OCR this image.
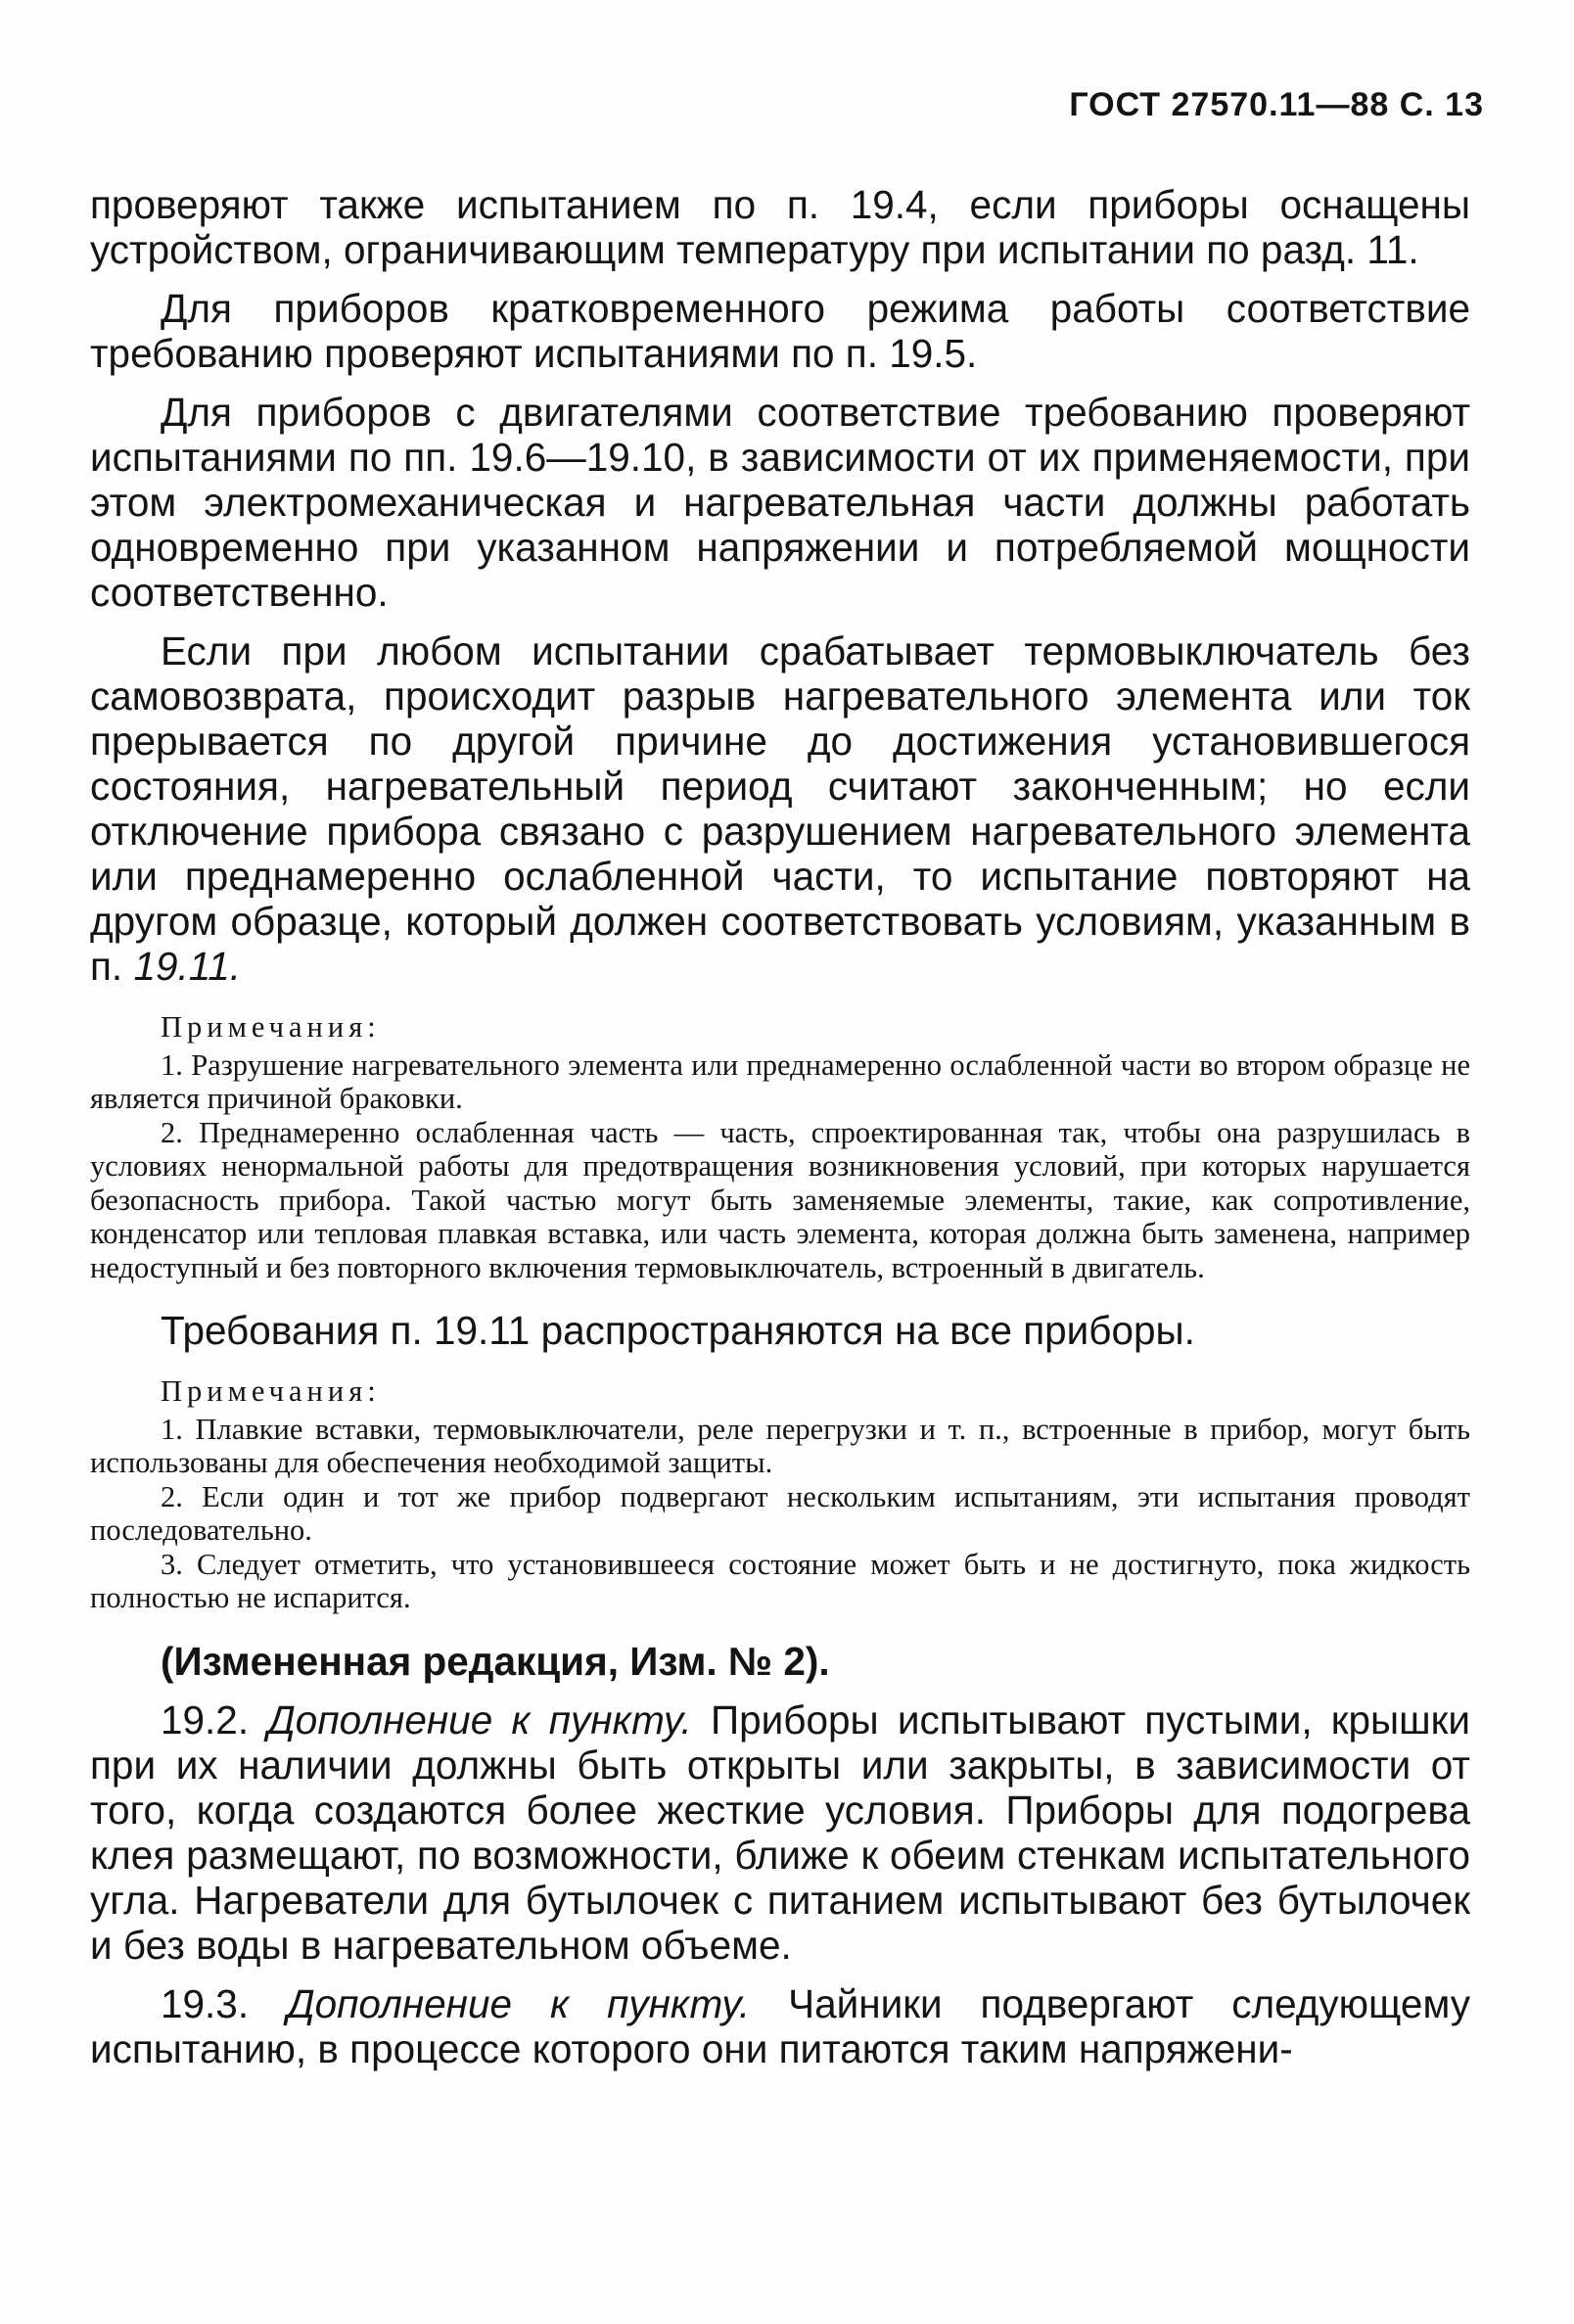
ГОСТ 27570.11—88 С. 13

проверяют также испытанием по п. 19.4, если приборы оснащены устройством, ограничивающим температуру при испытании по разд. 11.

Для приборов кратковременного режима работы соответствие требованию проверяют испытаниями по п. 19.5.

Для приборов с двигателями соответствие требованию проверяют испытаниями по пп. 19.6—19.10, в зависимости от их применяемости, при этом электромеханическая и нагревательная части должны работать одновременно при указанном напряжении и потребляемой мощности соответственно.

Если при любом испытании срабатывает термовыключатель без самовозврата, происходит разрыв нагревательного элемента или ток прерывается по другой причине до достижения установившегося состояния, нагревательный период считают законченным; но если отключение прибора связано с разрушением нагревательного элемента или преднамеренно ослабленной части, то испытание повторяют на другом образце, который должен соответствовать условиям, указанным в п. 19.11.

Примечания:

1. Разрушение нагревательного элемента или преднамеренно ослабленной части во втором образце не является причиной браковки.

2. Преднамеренно ослабленная часть — часть, спроектированная так, чтобы она разрушилась в условиях ненормальной работы для предотвращения возникновения условий, при которых нарушается безопасность прибора. Такой частью могут быть заменяемые элементы, такие, как сопротивление, конденсатор или тепловая плавкая вставка, или часть элемента, которая должна быть заменена, например недоступный и без повторного включения термовыключатель, встроенный в двигатель.

Требования п. 19.11 распространяются на все приборы.

Примечания:

1. Плавкие вставки, термовыключатели, реле перегрузки и т. п., встроенные в прибор, могут быть использованы для обеспечения необходимой защиты.

2. Если один и тот же прибор подвергают нескольким испытаниям, эти испытания проводят последовательно.

3. Следует отметить, что установившееся состояние может быть и не достигнуто, пока жидкость полностью не испарится.

(Измененная редакция, Изм. № 2).

19.2. Дополнение к пункту. Приборы испытывают пустыми, крышки при их наличии должны быть открыты или закрыты, в зависимости от того, когда создаются более жесткие условия. Приборы для подогрева клея размещают, по возможности, ближе к обеим стенкам испытательного угла. Нагреватели для бутылочек с питанием испытывают без бутылочек и без воды в нагревательном объеме.

19.3. Дополнение к пункту. Чайники подвергают следующему испытанию, в процессе которого они питаются таким напряжени-
